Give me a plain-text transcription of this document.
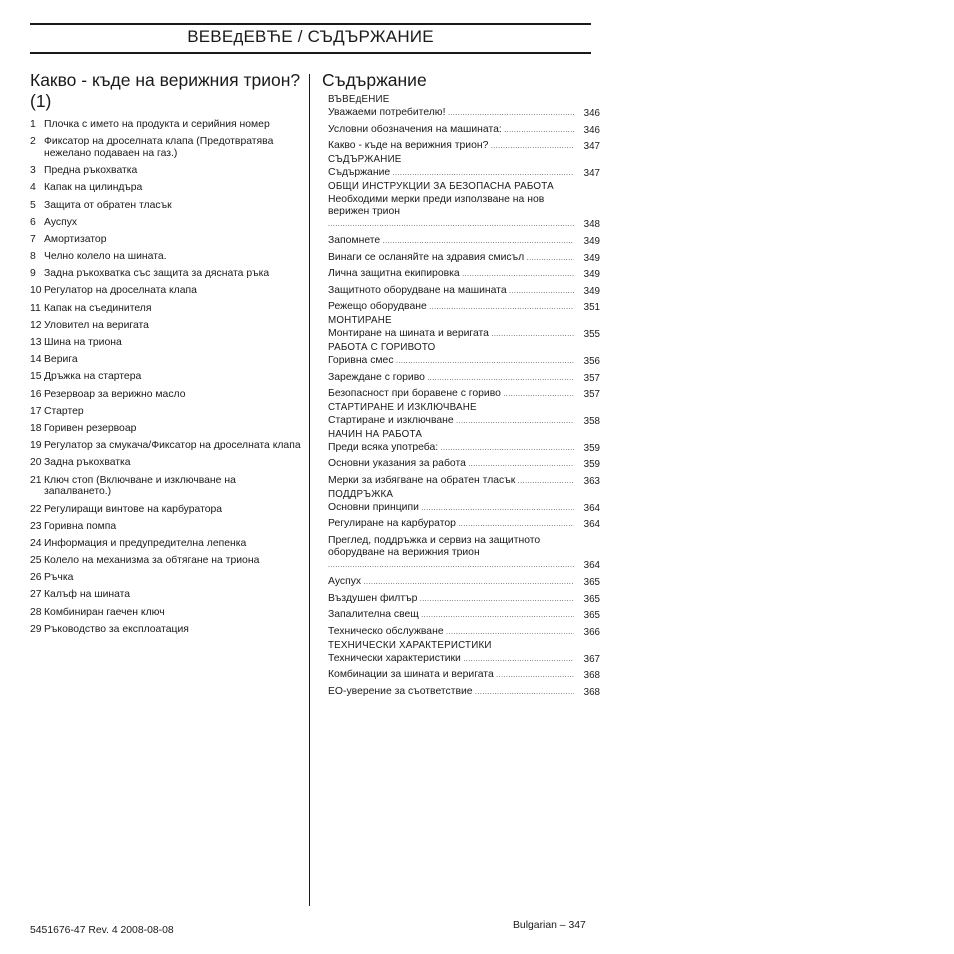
ВЕВЕдЕВЋЕ / СЪДЪРЖАНИЕ
Какво - къде на верижния трион? (1)
1 Плочка с името на продукта и серийния номер
2 Фиксатор на дроселната клапа (Предотвратява нежелано подаваен на газ.)
3 Предна ръкохватка
4 Капак на цилиндъра
5 Защита от обратен тласък
6 Ауспух
7 Амортизатор
8 Челно колело на шината.
9 Задна ръкохватка със защита за дясната ръка
10 Регулатор на дроселната клапа
11 Капак на съединителя
12 Уловител на веригата
13 Шина на триона
14 Верига
15 Дръжка на стартера
16 Резервоар за верижно масло
17 Стартер
18 Горивен резервоар
19 Регулатор за смукача/Фиксатор на дроселната клапа
20 Задна ръкохватка
21 Ключ стоп (Включване и изключване на запалването.)
22 Регулиращи винтове на карбуратора
23 Горивна помпа
24 Информация и предупредителна лепенка
25 Колело на механизма за обтягане на триона
26 Ръчка
27 Калъф на шината
28 Комбиниран гаечен ключ
29 Ръководство за експлоатация
Съдържание
ВЪВЕдЕНИЕ
Уважаеми потребителю! .....	346
Условни обозначения на машината: .....	346
Какво - къде на верижния трион? .....	347
СЪДЪРЖАНИЕ
Съдържание .....	347
ОБЩИ ИНСТРУКЦИИ ЗА БЕЗОПАСНА РАБОТА
Необходими мерки преди използване на нов верижен трион .....
348
Запомнете .....	349
Винаги се осланяйте на здравия смисъл .....	349
Лична защитна екипировка .....	349
Защитното оборудване на машината .....	349
Режещо оборудване .....	351
МОНТИРАНЕ
Монтиране на шината и веригата .....	355
РАБОТА С ГОРИВОТО
Горивна смес .....	356
Зареждане с гориво .....	357
Безопасност при боравене с гориво .....	357
СТАРТИРАНЕ И ИЗКЛЮЧВАНЕ
Стартиране и изключване .....	358
НАЧИН НА РАБОТА
Преди всяка употреба: .....	359
Основни указания за работа .....	359
Мерки за избягване на обратен тласък .....	363
ПОДДРЪЖКА
Основни принципи .....	364
Регулиране на карбуратор .....	364
Преглед, поддръжка и сервиз на защитното оборудване на верижния трион .....
364
Ауспух .....	365
Въздушен филтър .....	365
Запалителна свещ .....	365
Техническо обслужване .....	366
ТЕХНИЧЕСКИ ХАРАКТЕРИСТИКИ
Технически характеристики .....	367
Комбинации за шината и веригата .....	368
ЕО-уверение за съответствие .....	368
5451676-47 Rev. 4 2008-08-08	Bulgarian – 347
